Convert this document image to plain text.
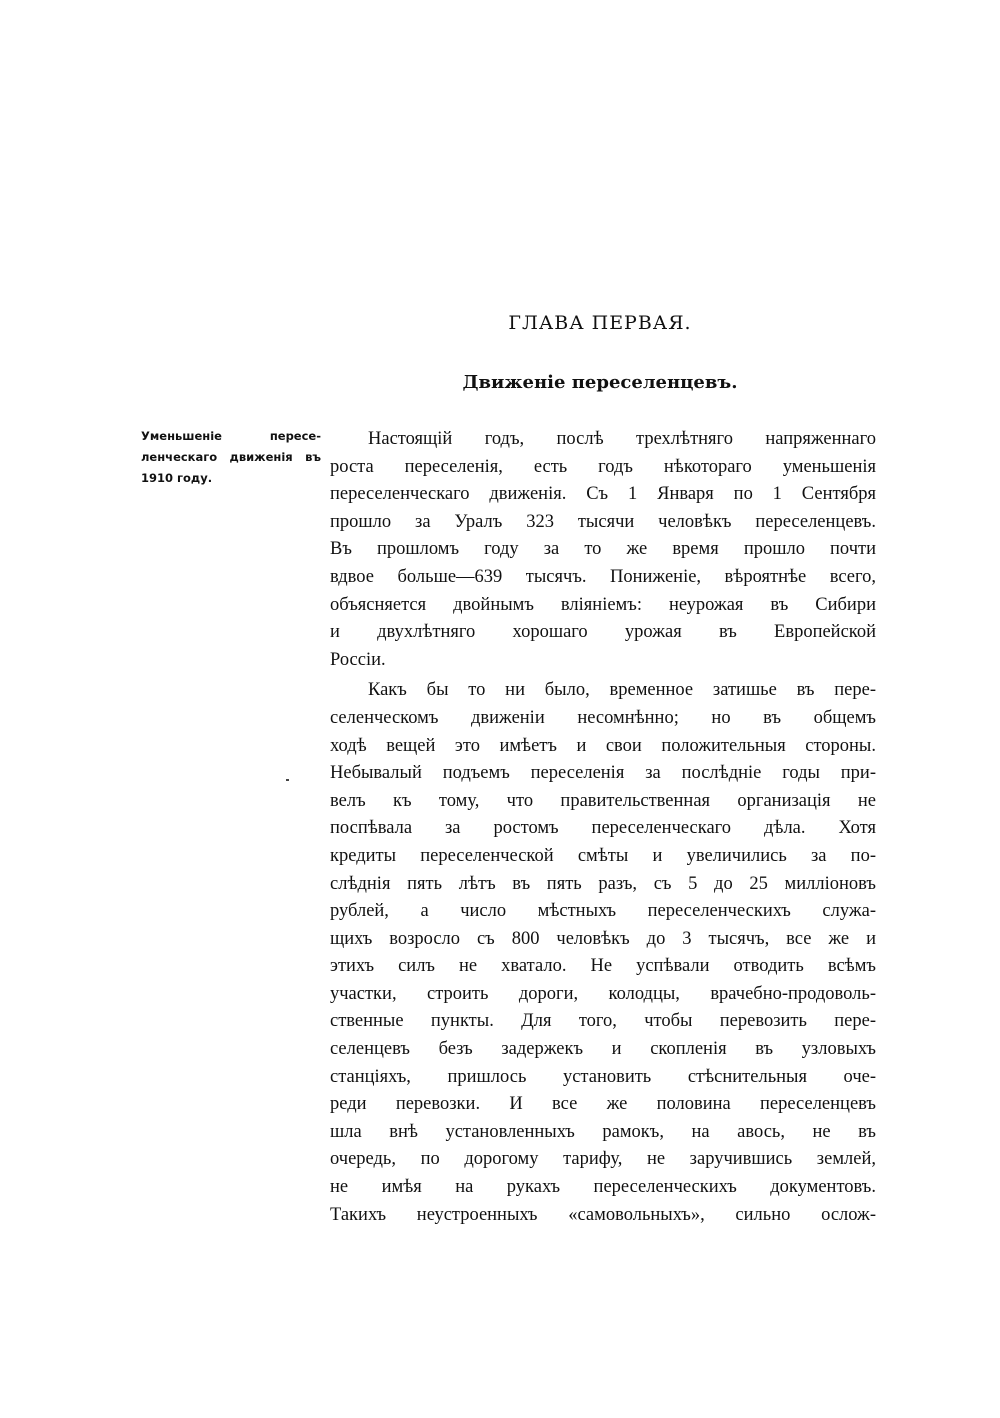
ГЛАВА ПЕРВАЯ.
Движеніе переселенцевъ.
Уменьшеніе пересе-
ленческаго движенія въ
1910 году.

Настоящій годъ, послѣ трехлѣтняго напряженнаго
роста переселенія, есть годъ нѣкотораго уменьшенія
переселенческаго движенія. Съ 1 Января по 1 Сентября
прошло за Уралъ 323 тысячи человѣкъ переселенцевъ.
Въ прошломъ году за то же время прошло почти
вдвое больше—639 тысячъ. Пониженіе, вѣроятнѣе всего,
объясняется двойнымъ вліяніемъ: неурожая въ Сибири
и двухлѣтняго хорошаго урожая въ Европейской
Россіи.

Какъ бы то ни было, временное затишье въ пере-
селенческомъ движеніи несомнѣнно; но въ общемъ
ходѣ вещей это имѣетъ и свои положительныя стороны.
Небывалый подъемъ переселенія за послѣдніе годы при-
велъ къ тому, что правительственная организація не
поспѣвала за ростомъ переселенческаго дѣла. Хотя
кредиты переселенческой смѣты и увеличились за по-
слѣднія пять лѣтъ въ пять разъ, съ 5 до 25 милліоновъ
рублей, а число мѣстныхъ переселенческихъ служа-
щихъ возросло съ 800 человѣкъ до 3 тысячъ, все же и
этихъ силъ не хватало. Не успѣвали отводить всѣмъ
участки, строить дороги, колодцы, врачебно-продоволь-
ственные пункты. Для того, чтобы перевозить пере-
селенцевъ безъ задержекъ и скопленія въ узловыхъ
станціяхъ, пришлось установить стѣснительныя оче-
реди перевозки. И все же половина переселенцевъ
шла внѣ установленныхъ рамокъ, на авось, не въ
очередь, по дорогому тарифу, не заручившись землей,
не имѣя на рукахъ переселенческихъ документовъ.
Такихъ неустроенныхъ «самовольныхъ», сильно ослож-
